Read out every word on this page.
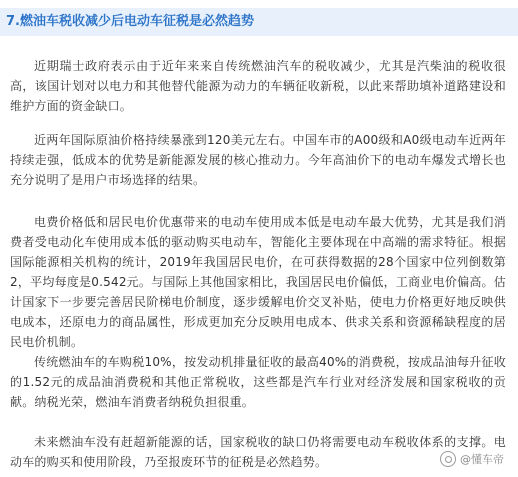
7.燃油车税收减少后电动车征税是必然趋势

近期瑞士政府表示由于近年来来自传统燃油汽车的税收减少，尤其是汽柴油的税收很高，该国计划对以电力和其他替代能源为动力的车辆征收新税，以此来帮助填补道路建设和维护方面的资金缺口。

近两年国际原油价格持续暴涨到120美元左右。中国车市的A00级和A0级电动车近两年持续走强，低成本的优势是新能源发展的核心推动力。今年高油价下的电动车爆发式增长也充分说明了是用户市场选择的结果。

电费价格低和居民电价优惠带来的电动车使用成本低是电动车最大优势，尤其是我们消费者受电动化车使用成本低的驱动购买电动车，智能化主要体现在中高端的需求特征。根据国际能源相关机构的统计，2019年我国居民电价，在可获得数据的28个国家中位列倒数第2，平均每度是0.542元。与国际上其他国家相比，我国居民电价偏低，工商业电价偏高。估计国家下一步要完善居民阶梯电价制度，逐步缓解电价交叉补贴，使电力价格更好地反映供电成本，还原电力的商品属性，形成更加充分反映用电成本、供求关系和资源稀缺程度的居民电价机制。

传统燃油车的车购税10%，按发动机排量征收的最高40%的消费税，按成品油每升征收的1.52元的成品油消费税和其他正常税收，这些都是汽车行业对经济发展和国家税收的贡献。纳税光荣，燃油车消费者纳税负担很重。

未来燃油车没有赶超新能源的话，国家税收的缺口仍将需要电动车税收体系的支撑。电动车的购买和使用阶段，乃至报废环节的征税是必然趋势。	@懂车帝
